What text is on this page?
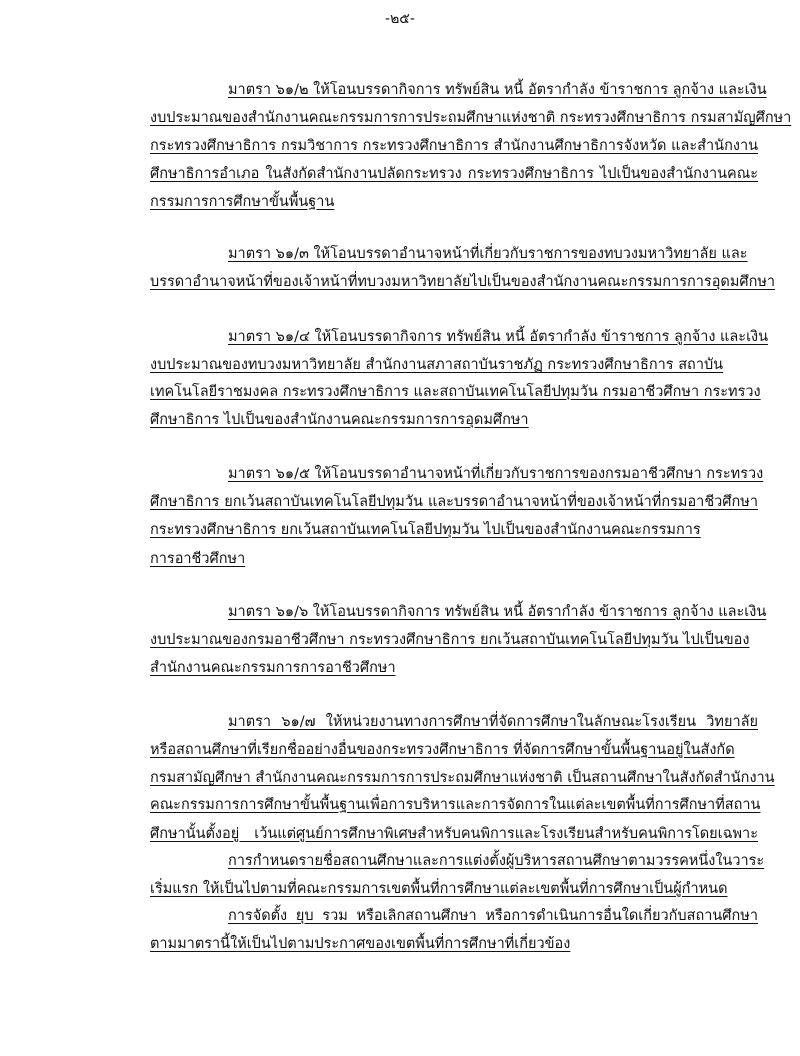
-๒๕-
มาตรา ๖๑/๒ ให้โอนบรรดากิจการ ทรัพย์สิน หนี้ อัตรากำลัง ข้าราชการ ลูกจ้าง และเงิน
งบประมาณของสำนักงานคณะกรรมการการประถมศึกษาแห่งชาติ กระทรวงศึกษาธิการ กรมสามัญศึกษา
กระทรวงศึกษาธิการ กรมวิชาการ กระทรวงศึกษาธิการ สำนักงานศึกษาธิการจังหวัด และสำนักงาน
ศึกษาธิการอำเภอ ในสังกัดสำนักงานปลัดกระทรวง กระทรวงศึกษาธิการ ไปเป็นของสำนักงานคณะ
กรรมการการศึกษาขั้นพื้นฐาน
มาตรา ๖๑/๓ ให้โอนบรรดาอำนาจหน้าที่เกี่ยวกับราชการของทบวงมหาวิทยาลัย และ
บรรดาอำนาจหน้าที่ของเจ้าหน้าที่ทบวงมหาวิทยาลัยไปเป็นของสำนักงานคณะกรรมการการอุดมศึกษา
มาตรา ๖๑/๔ ให้โอนบรรดากิจการ ทรัพย์สิน หนี้ อัตรากำลัง ข้าราชการ ลูกจ้าง และเงิน
งบประมาณของทบวงมหาวิทยาลัย สำนักงานสภาสถาบันราชภัฏ กระทรวงศึกษาธิการ สถาบัน
เทคโนโลยีราชมงคล กระทรวงศึกษาธิการ และสถาบันเทคโนโลยีปทุมวัน กรมอาชีวศึกษา กระทรวง
ศึกษาธิการ ไปเป็นของสำนักงานคณะกรรมการการอุดมศึกษา
มาตรา ๖๑/๕ ให้โอนบรรดาอำนาจหน้าที่เกี่ยวกับราชการของกรมอาชีวศึกษา กระทรวง
ศึกษาธิการ ยกเว้นสถาบันเทคโนโลยีปทุมวัน และบรรดาอำนาจหน้าที่ของเจ้าหน้าที่กรมอาชีวศึกษา
กระทรวงศึกษาธิการ ยกเว้นสถาบันเทคโนโลยีปทุมวัน ไปเป็นของสำนักงานคณะกรรมการ
การอาชีวศึกษา
มาตรา ๖๑/๖ ให้โอนบรรดากิจการ ทรัพย์สิน หนี้ อัตรากำลัง ข้าราชการ ลูกจ้าง และเงิน
งบประมาณของกรมอาชีวศึกษา กระทรวงศึกษาธิการ ยกเว้นสถาบันเทคโนโลยีปทุมวัน ไปเป็นของ
สำนักงานคณะกรรมการการอาชีวศึกษา
มาตรา ๖๑/๗ ให้หน่วยงานทางการศึกษาที่จัดการศึกษาในลักษณะโรงเรียน วิทยาลัย
หรือสถานศึกษาที่เรียกชื่ออย่างอื่นของกระทรวงศึกษาธิการ ที่จัดการศึกษาขั้นพื้นฐานอยู่ในสังกัด
กรมสามัญศึกษา สำนักงานคณะกรรมการการประถมศึกษาแห่งชาติ เป็นสถานศึกษาในสังกัดสำนักงาน
คณะกรรมการการศึกษาขั้นพื้นฐานเพื่อการบริหารและการจัดการในแต่ละเขตพื้นที่การศึกษาที่สถาน
ศึกษานั้นตั้งอยู่ เว้นแต่ศูนย์การศึกษาพิเศษสำหรับคนพิการและโรงเรียนสำหรับคนพิการโดยเฉพาะ
การกำหนดรายชื่อสถานศึกษาและการแต่งตั้งผู้บริหารสถานศึกษาตามวรรคหนึ่งในวาระ
เริ่มแรก ให้เป็นไปตามที่คณะกรรมการเขตพื้นที่การศึกษาแต่ละเขตพื้นที่การศึกษาเป็นผู้กำหนด
การจัดตั้ง ยุบ รวม หรือเลิกสถานศึกษา หรือการดำเนินการอื่นใดเกี่ยวกับสถานศึกษา
ตามมาตรานี้ให้เป็นไปตามประกาศของเขตพื้นที่การศึกษาที่เกี่ยวข้อง
